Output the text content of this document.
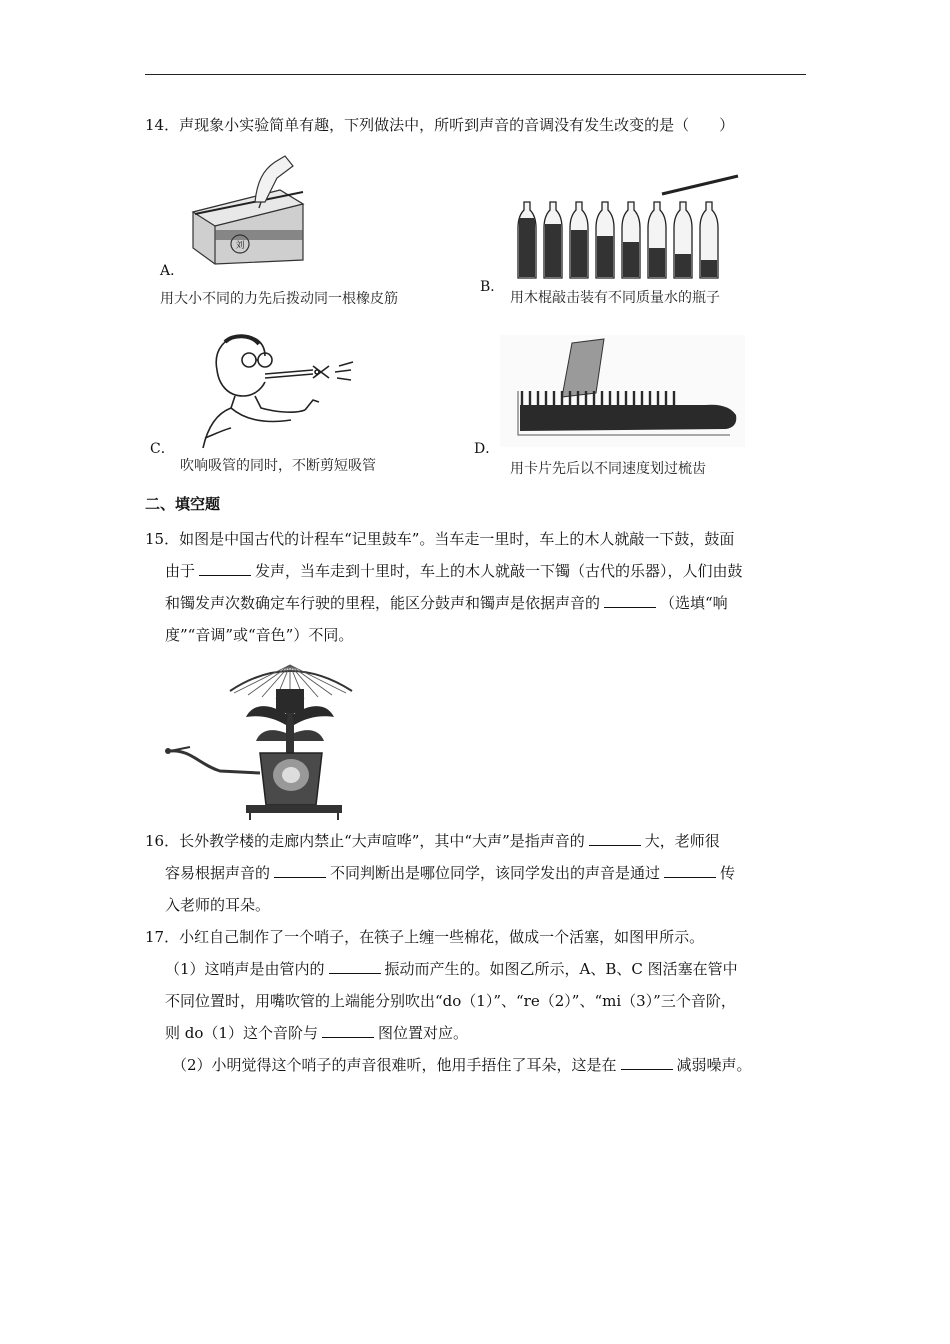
14．声现象小实验简单有趣，下列做法中，所听到声音的音调没有发生改变的是（　　）
刘
A．
用大小不同的力先后拨动同一根橡皮筋
B．
用木棍敲击装有不同质量水的瓶子
C．
吹响吸管的同时，不断剪短吸管
D．
用卡片先后以不同速度划过梳齿
二、填空题
15．如图是中国古代的计程车“记里鼓车”。当车走一里时，车上的木人就敲一下鼓，鼓面
由于	发声，当车走到十里时，车上的木人就敲一下镯（古代的乐器），人们由鼓
和镯发声次数确定车行驶的里程，能区分鼓声和镯声是依据声音的	（选填“响
度”“音调”或“音色”）不同。
16．长外教学楼的走廊内禁止“大声喧哗”，其中“大声”是指声音的	大，老师很
容易根据声音的	不同判断出是哪位同学，该同学发出的声音是通过	传
入老师的耳朵。
17．小红自己制作了一个哨子，在筷子上缠一些棉花，做成一个活塞，如图甲所示。
（1）这哨声是由管内的	振动而产生的。如图乙所示，A、B、C 图活塞在管中
不同位置时，用嘴吹管的上端能分别吹出“do（1）”、“re（2）”、“mi（3）”三个音阶，
则 do（1）这个音阶与	图位置对应。
（2）小明觉得这个哨子的声音很难听，他用手捂住了耳朵，这是在	减弱噪声。
